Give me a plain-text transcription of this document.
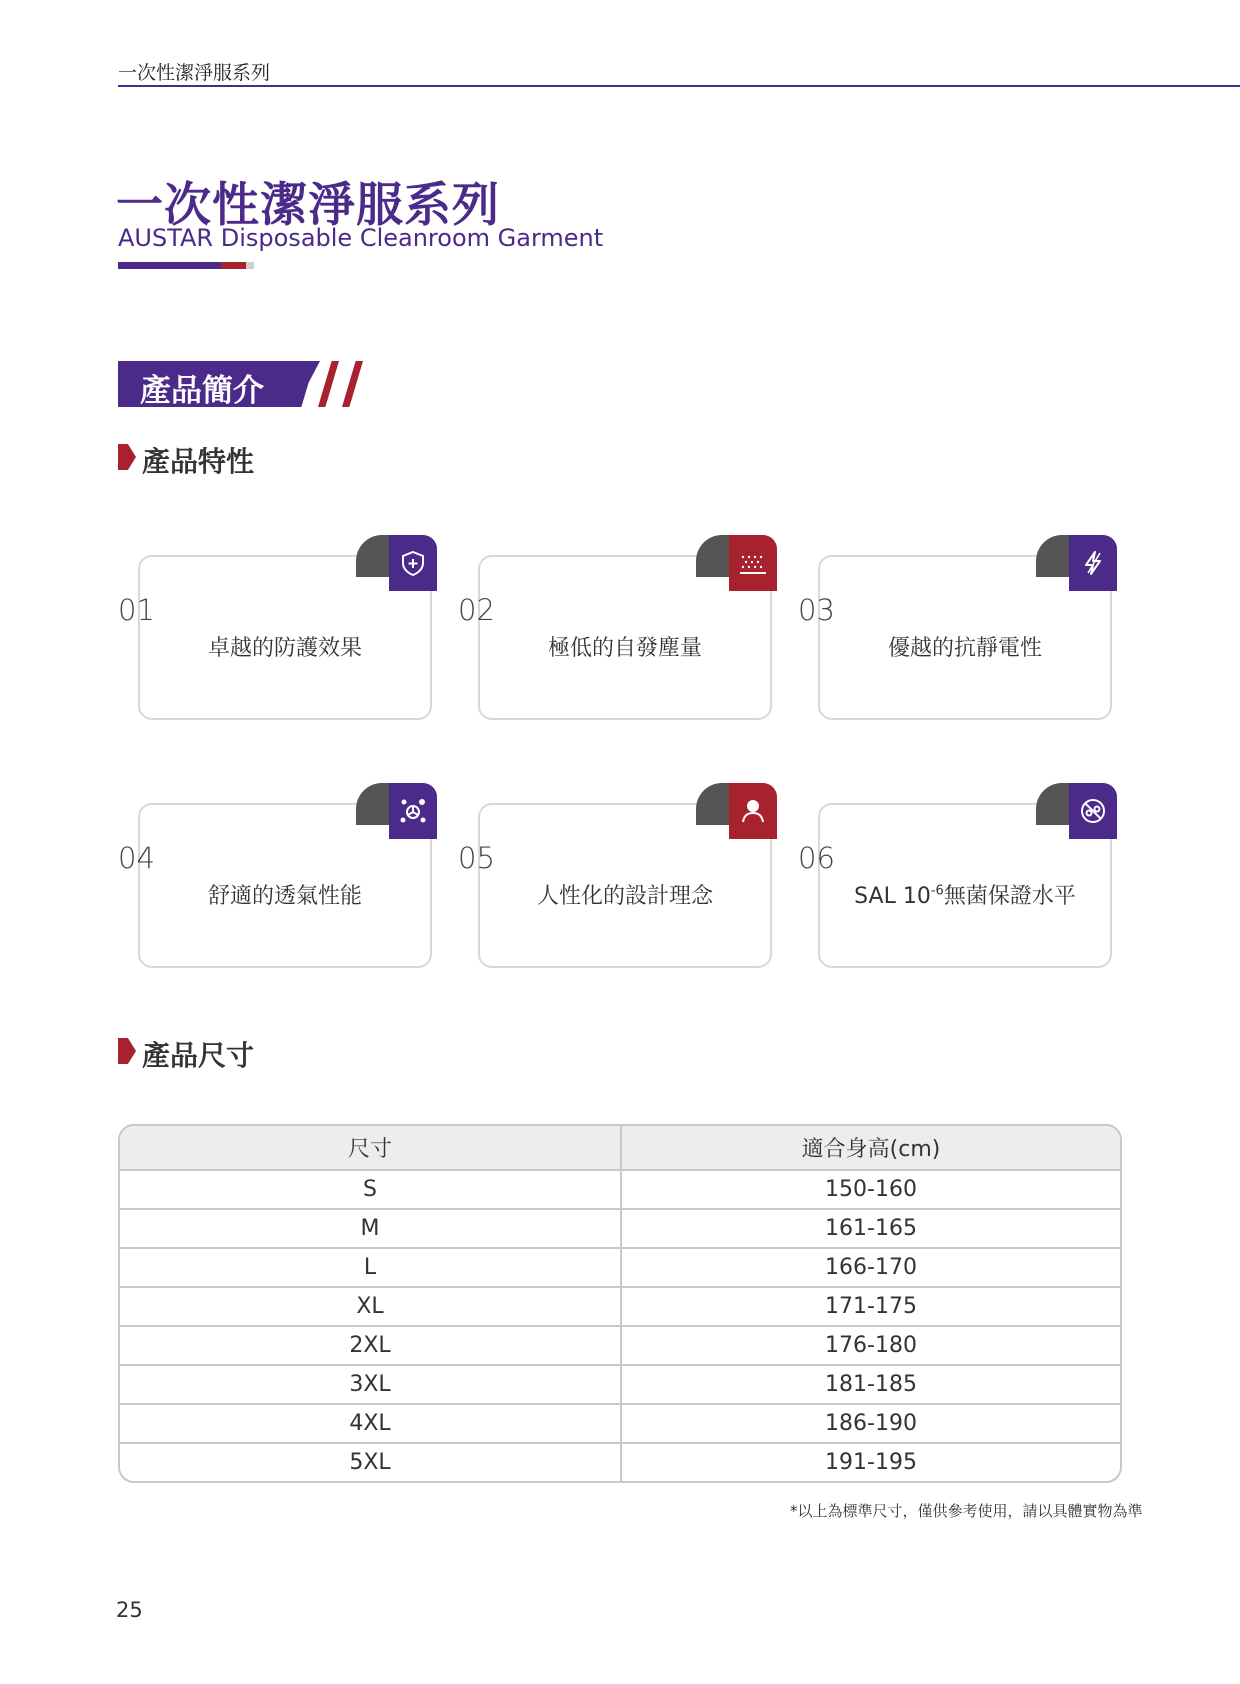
一次性潔淨服系列
一次性潔淨服系列
AUSTAR Disposable Cleanroom Garment
產品簡介
產品特性
01
卓越的防護效果
02
極低的自發塵量
03
優越的抗靜電性
04
舒適的透氣性能
05
人性化的設計理念
06
SAL $10^{-6}$無菌保證水平
產品尺寸
尺寸	適合身高(cm)
S	150-160
M	161-165
L	166-170
XL	171-175
2XL	176-180
3XL	181-185
4XL	186-190
5XL	191-195
*以上為標準尺寸，僅供參考使用，請以具體實物為準
25
